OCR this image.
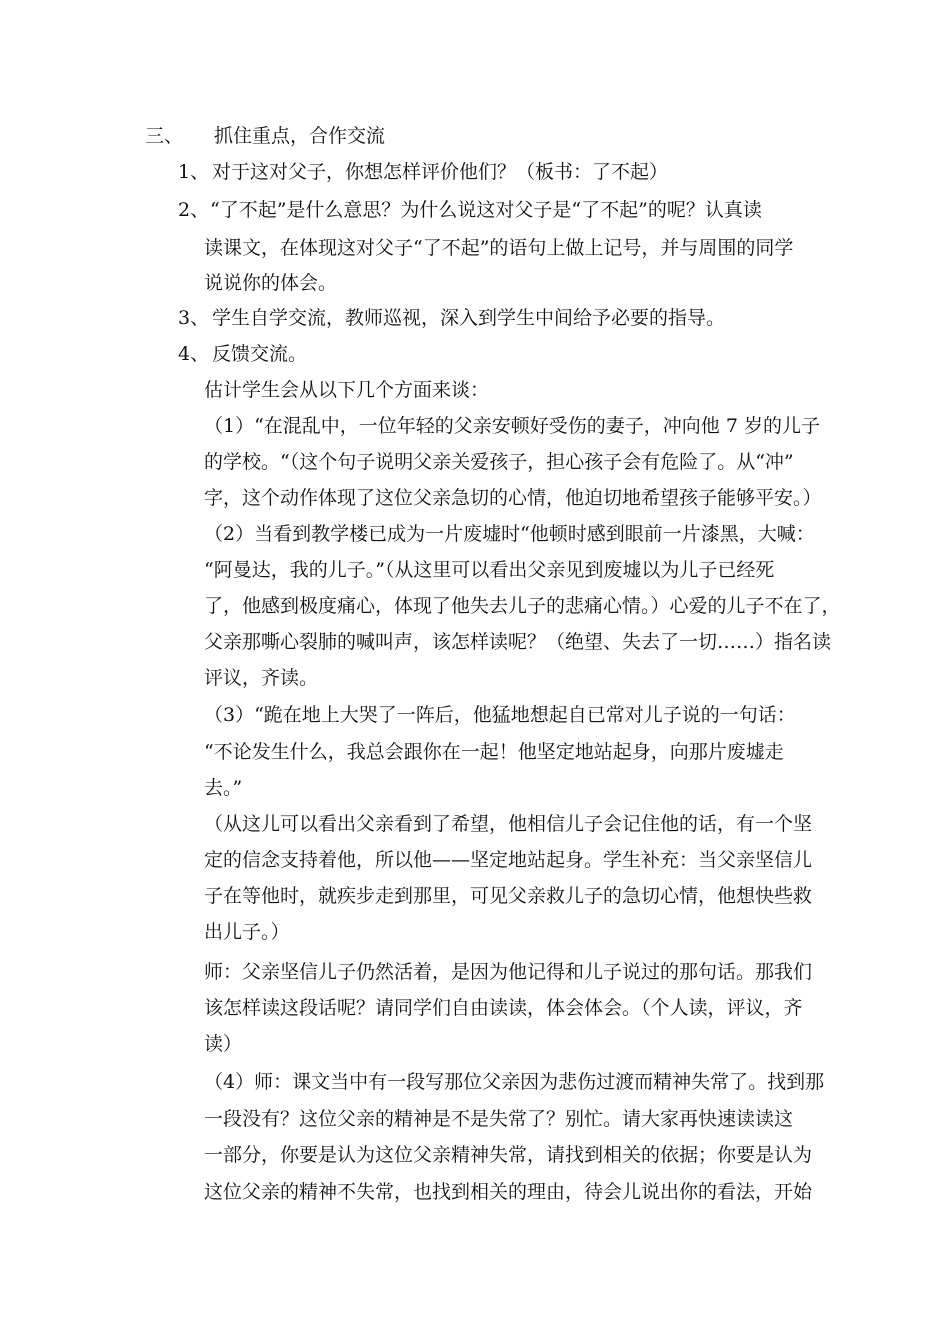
三、 抓住重点，合作交流
1、 对于这对父子，你想怎样评价他们？（板书：了不起）
2、 “了不起”是什么意思？为什么说这对父子是“了不起”的呢？认真读
读课文，在体现这对父子“了不起”的语句上做上记号，并与周围的同学
说说你的体会。
3、 学生自学交流，教师巡视，深入到学生中间给予必要的指导。
4、 反馈交流。
估计学生会从以下几个方面来谈：
（1）“在混乱中，一位年轻的父亲安顿好受伤的妻子，冲向他 7 岁的儿子
的学校。“（这个句子说明父亲关爱孩子，担心孩子会有危险了。从“冲”
字，这个动作体现了这位父亲急切的心情，他迫切地希望孩子能够平安。）
（2）当看到教学楼已成为一片废墟时“他顿时感到眼前一片漆黑，大喊：
“阿曼达，我的儿子。”（从这里可以看出父亲见到废墟以为儿子已经死
了，他感到极度痛心，体现了他失去儿子的悲痛心情。）心爱的儿子不在了，
父亲那嘶心裂肺的喊叫声，该怎样读呢？（绝望、失去了一切……）指名读
评议，齐读。
（3）“跪在地上大哭了一阵后，他猛地想起自已常对儿子说的一句话：
“不论发生什么，我总会跟你在一起！他坚定地站起身，向那片废墟走
去。”
（从这儿可以看出父亲看到了希望，他相信儿子会记住他的话，有一个坚
定的信念支持着他，所以他——坚定地站起身。学生补充：当父亲坚信儿
子在等他时，就疾步走到那里，可见父亲救儿子的急切心情，他想快些救
出儿子。）
师：父亲坚信儿子仍然活着，是因为他记得和儿子说过的那句话。那我们
该怎样读这段话呢？请同学们自由读读，体会体会。（个人读，评议，齐
读）
（4）师：课文当中有一段写那位父亲因为悲伤过渡而精神失常了。找到那
一段没有？这位父亲的精神是不是失常了？别忙。请大家再快速读读这
一部分，你要是认为这位父亲精神失常，请找到相关的依据；你要是认为
这位父亲的精神不失常，也找到相关的理由，待会儿说出你的看法，开始
